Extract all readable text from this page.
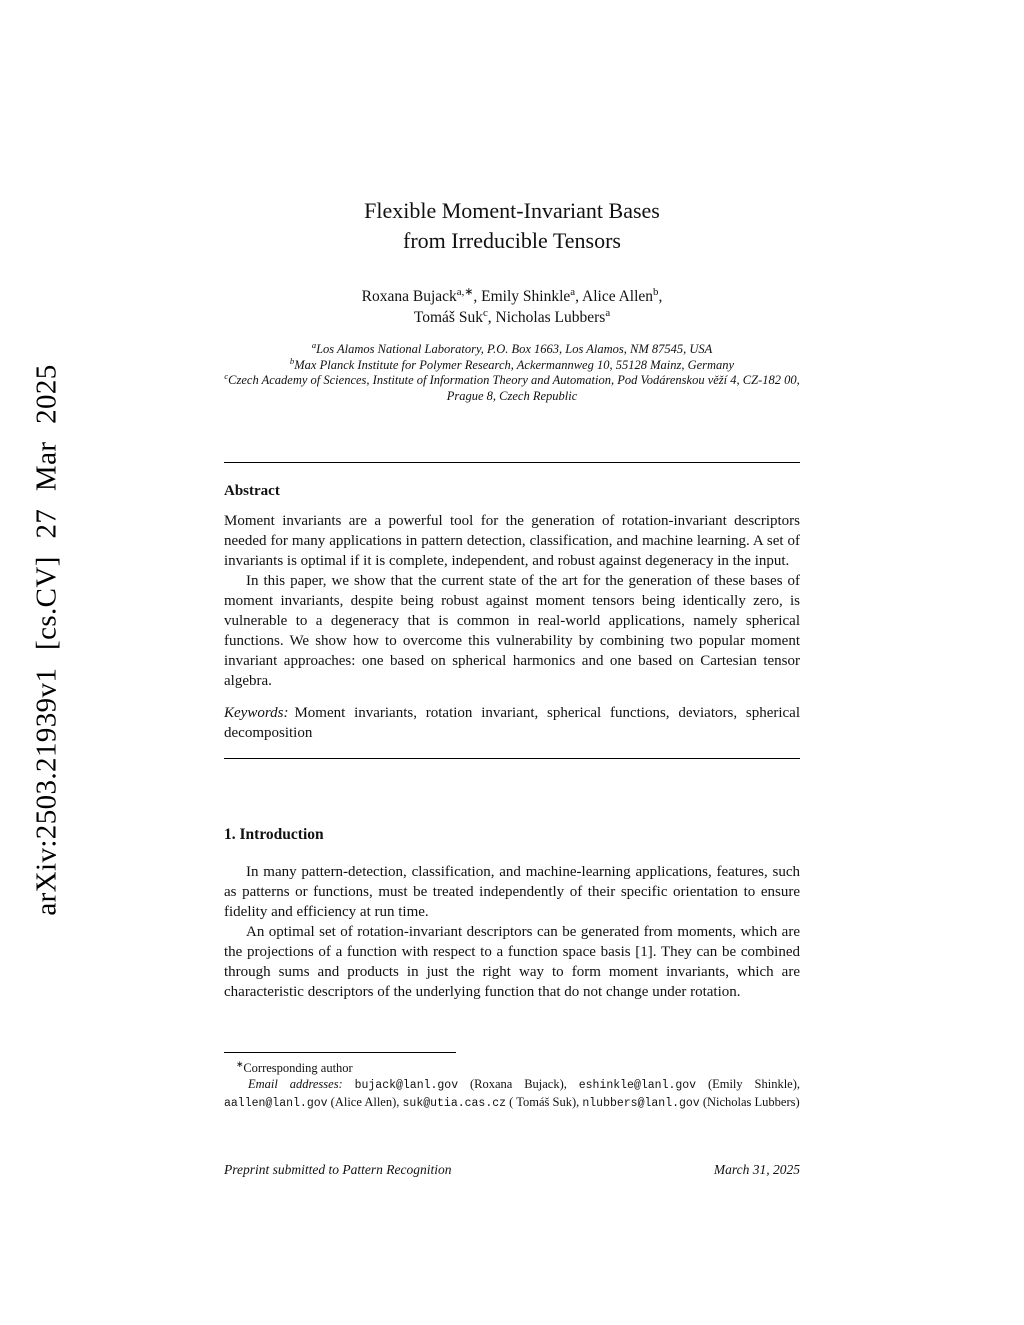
arXiv:2503.21939v1 [cs.CV] 27 Mar 2025
Flexible Moment-Invariant Bases
from Irreducible Tensors
Roxana Bujack$^{a,∗}$, Emily Shinkle$^a$, Alice Allen$^b$,
Tomáš Suk$^c$, Nicholas Lubbers$^a$

$^a$Los Alamos National Laboratory, P.O. Box 1663, Los Alamos, NM 87545, USA

$^b$Max Planck Institute for Polymer Research, Ackermannweg 10, 55128 Mainz, Germany

$^c$Czech Academy of Sciences, Institute of Information Theory and Automation, Pod Vodárenskou věží 4, CZ-182 00, Prague 8, Czech Republic

Abstract

Moment invariants are a powerful tool for the generation of rotation-invariant descriptors needed for many applications in pattern detection, classification, and machine learning. A set of invariants is optimal if it is complete, independent, and robust against degeneracy in the input.

In this paper, we show that the current state of the art for the generation of these bases of moment invariants, despite being robust against moment tensors being identically zero, is vulnerable to a degeneracy that is common in real-world applications, namely spherical functions. We show how to overcome this vulnerability by combining two popular moment invariant approaches: one based on spherical harmonics and one based on Cartesian tensor algebra.

Keywords: Moment invariants, rotation invariant, spherical functions, deviators, spherical decomposition

1. Introduction

In many pattern-detection, classification, and machine-learning applications, features, such as patterns or functions, must be treated independently of their specific orientation to ensure fidelity and efficiency at run time.

An optimal set of rotation-invariant descriptors can be generated from moments, which are the projections of a function with respect to a function space basis [1]. They can be combined through sums and products in just the right way to form moment invariants, which are characteristic descriptors of the underlying function that do not change under rotation.

∗Corresponding author

Email addresses: bujack@lanl.gov (Roxana Bujack), eshinkle@lanl.gov (Emily Shinkle), aallen@lanl.gov (Alice Allen), suk@utia.cas.cz ( Tomáš Suk), nlubbers@lanl.gov (Nicholas Lubbers)

Preprint submitted to Pattern Recognition	March 31, 2025
